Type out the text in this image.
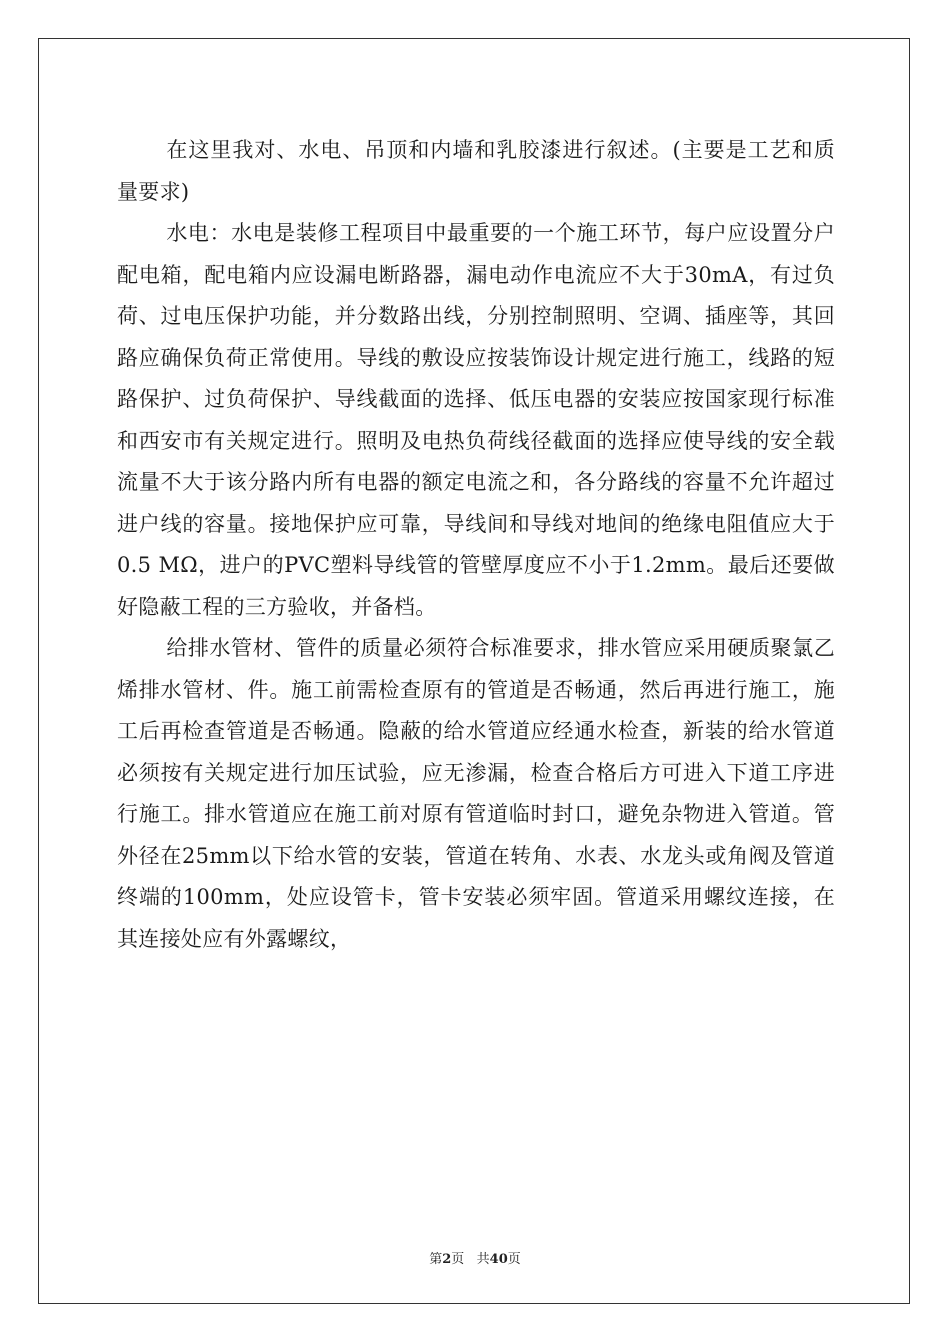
在这里我对、水电、吊顶和内墙和乳胶漆进行叙述。(主要是工艺和质量要求)

水电：水电是装修工程项目中最重要的一个施工环节，每户应设置分户配电箱，配电箱内应设漏电断路器，漏电动作电流应不大于30mA，有过负荷、过电压保护功能，并分数路出线，分别控制照明、空调、插座等，其回路应确保负荷正常使用。导线的敷设应按装饰设计规定进行施工，线路的短路保护、过负荷保护、导线截面的选择、低压电器的安装应按国家现行标准和西安市有关规定进行。照明及电热负荷线径截面的选择应使导线的安全载流量不大于该分路内所有电器的额定电流之和，各分路线的容量不允许超过进户线的容量。接地保护应可靠，导线间和导线对地间的绝缘电阻值应大于0.5 MΩ，进户的PVC塑料导线管的管壁厚度应不小于1.2mm。最后还要做好隐蔽工程的三方验收，并备档。

给排水管材、管件的质量必须符合标准要求，排水管应采用硬质聚氯乙烯排水管材、件。施工前需检查原有的管道是否畅通，然后再进行施工，施工后再检查管道是否畅通。隐蔽的给水管道应经通水检查，新装的给水管道必须按有关规定进行加压试验，应无渗漏，检查合格后方可进入下道工序进行施工。排水管道应在施工前对原有管道临时封口，避免杂物进入管道。管外径在25mm以下给水管的安装，管道在转角、水表、水龙头或角阀及管道终端的100mm，处应设管卡，管卡安装必须牢固。管道采用螺纹连接，在其连接处应有外露螺纹，

第2页   共40页
